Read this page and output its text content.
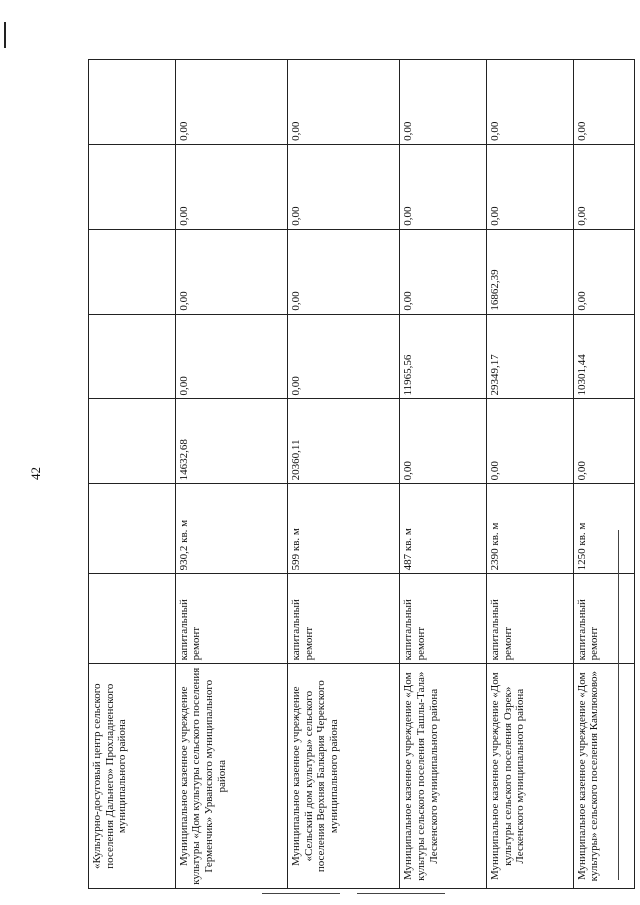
42
«Культурно-досуговый центр сельского поселения Дальнего» Прохладненского муниципального района							
Муниципальное казенное учреждение культуры «Дом культуры сельского поселения Герменчик» Урванского муниципального района	капитальный ремонт	930,2 кв. м	14632,68	0,00	0,00	0,00	0,00
Муниципальное казенное учреждение «Сельский дом культуры» сельского поселения Верхняя Балкария Черекского муниципального района	капитальный ремонт	599 кв. м	20360,11	0,00	0,00	0,00	0,00
Муниципальное казенное учреждение «Дом культуры сельского поселения Ташлы-Тала» Лескенского муниципального района	капитальный ремонт	487 кв. м	0,00	11965,56	0,00	0,00	0,00
Муниципальное казенное учреждение «Дом культуры сельского поселения Озрек» Лескенского муниципального района	капитальный ремонт	2390 кв. м	0,00	29349,17	16862,39	0,00	0,00
Муниципальное казенное учреждение «Дом культуры» сельского поселения Камлюково»	капитальный ремонт	1250 кв. м	0,00	10301,44	0,00	0,00	0,00
